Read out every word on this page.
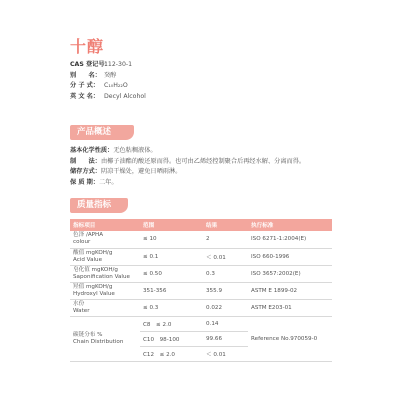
十醇
CAS 登记号：
112-30-1
别　　名： 癸醇
分 子 式： C₁₀H₂₂O
英 文 名： Decyl Alcohol
产品概述
基本化学性质： 无色粘稠液体。
制　　法： 由椰子油酯的酸还原而得。也可由乙烯经控制聚合后再经水解、分离而得。
储存方式： 阴凉干燥处，避免日晒雨淋。
保 质 期： 二年。
质量指标
指标项目	范围	结果	执行标准
色泽 /APHA
colour	≤ 10	2	ISO 6271-1:2004(E)
酸值 mgKOH/g
Acid Value	≤ 0.1	＜ 0.01	ISO 660-1996
皂化值 mgKOH/g
Saponification Value	≤ 0.50	0.3	ISO 3657:2002(E)
羟值 mgKOH/g
Hydroxyl Value	351-356	355.9	ASTM E 1899-02
水份
Water	≤ 0.3	0.022	ASTM E203-01
碳链分布 %
Chain Distribution	C8　≤ 2.0	0.14	Reference No.970059-0
	C10　98-100	99.66	
	C12　≤ 2.0	＜ 0.01	
